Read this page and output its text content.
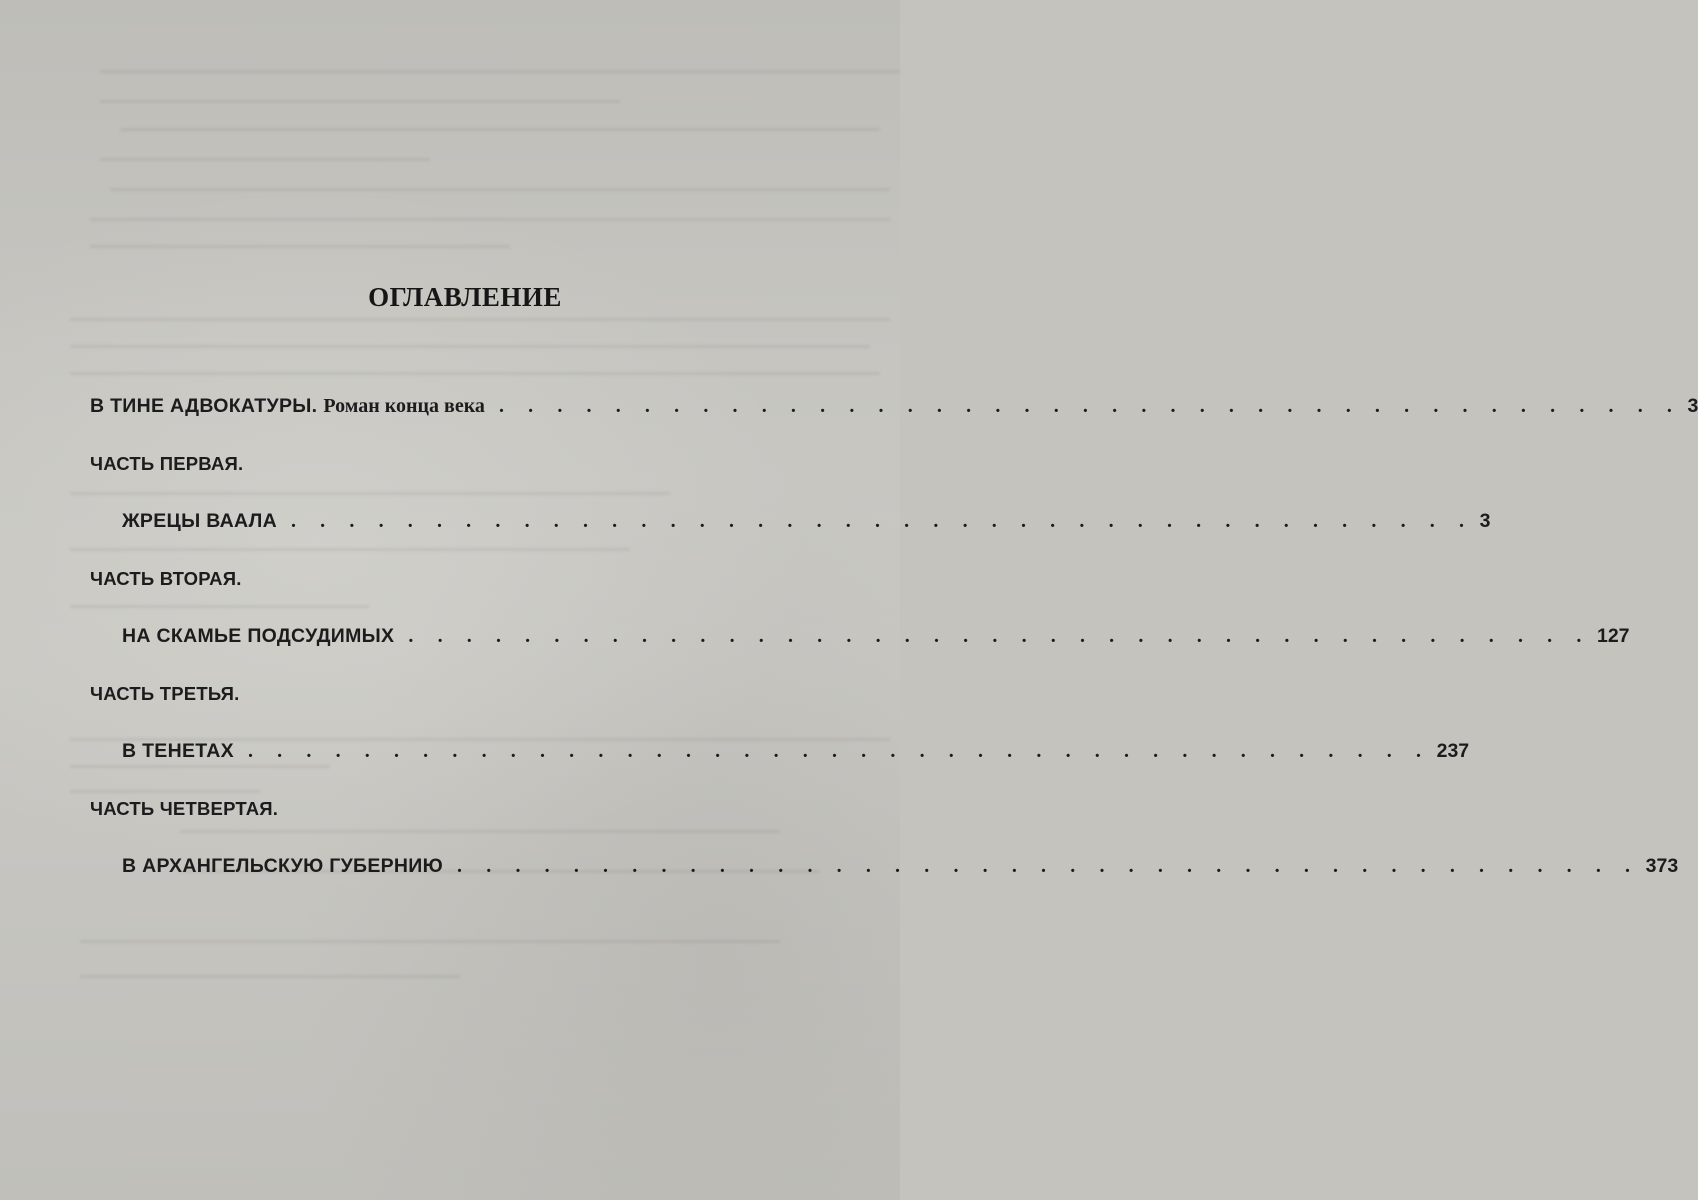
ОГЛАВЛЕНИЕ
В ТИНЕ АДВОКАТУРЫ. Роман конца века . . . . . . . . . . . . . . . . . . . . . . . . . . . . . . . . . . . . . . . . . 3
ЧАСТЬ ПЕРВАЯ.
ЖРЕЦЫ ВААЛА . . . . . . . . . . . . . . . . . . . . . . . . . . . . . . . . . . . . . . . . . 3
ЧАСТЬ ВТОРАЯ.
НА СКАМЬЕ ПОДСУДИМЫХ . . . . . . . . . . . . . . . . . . . . . . . . . . . . . . . . . . . . . . . . . 127
ЧАСТЬ ТРЕТЬЯ.
В ТЕНЕТАХ . . . . . . . . . . . . . . . . . . . . . . . . . . . . . . . . . . . . . . . . . 237
ЧАСТЬ ЧЕТВЕРТАЯ.
В АРХАНГЕЛЬСКУЮ ГУБЕРНИЮ . . . . . . . . . . . . . . . . . . . . . . . . . . . . . . . . . . . . . . . . . 373
